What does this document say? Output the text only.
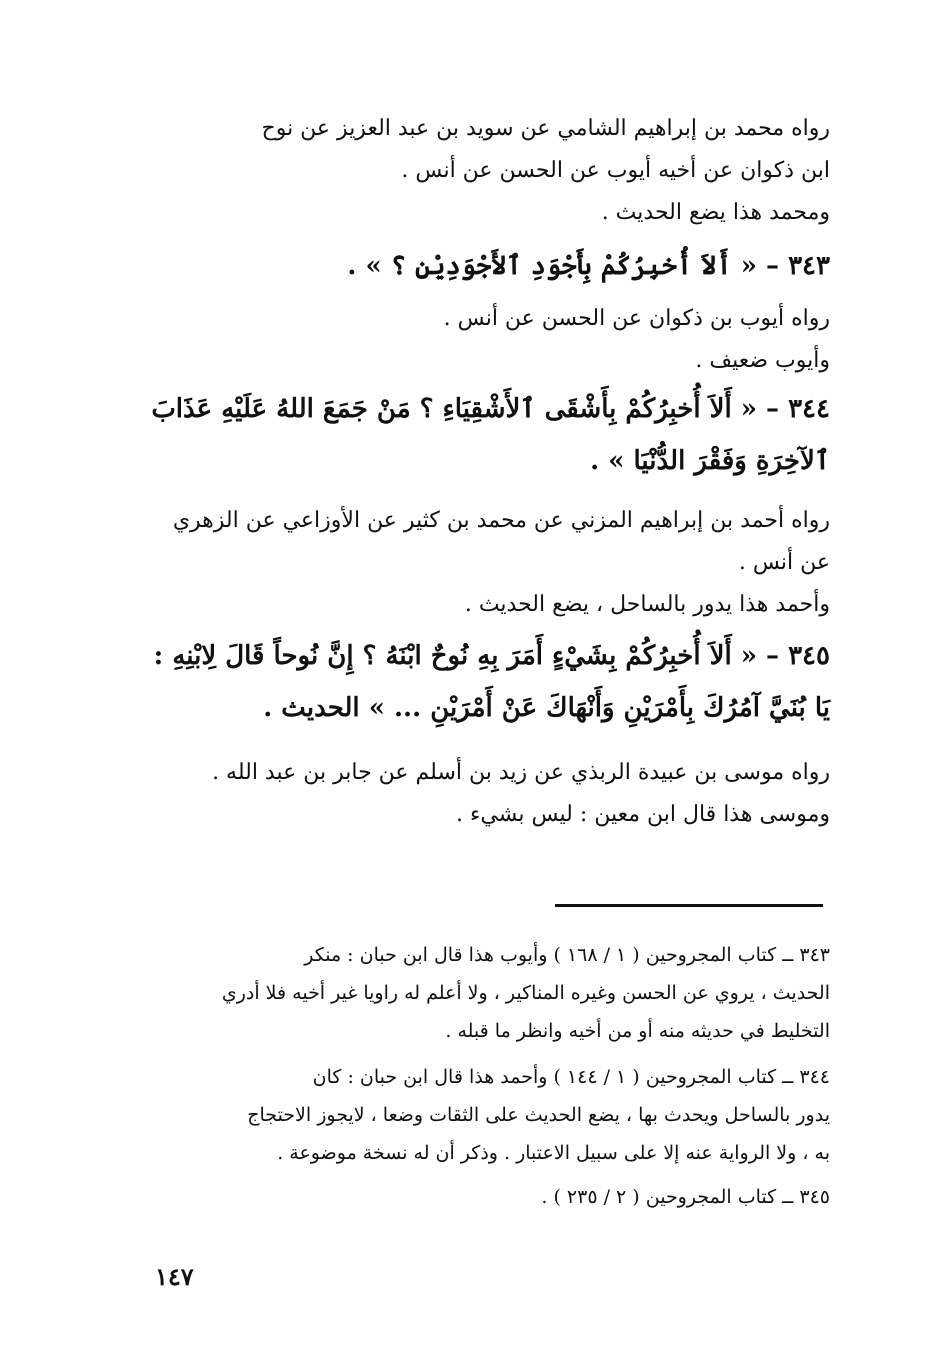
رواه محمد بن إبراهيم الشامي عن سويد بن عبد العزيز عن نوح
ابن ذكوان عن أخيه أيوب عن الحسن عن أنس .
ومحمد هذا يضع الحديث .
٣٤٣ – « أَلاَ أُخبِرُكُمْ بِأَجْوَدِ ٱلأَجْوَدِيْنِ ؟ » .
رواه أيوب بن ذكوان عن الحسن عن أنس .
وأيوب ضعيف .
٣٤٤ – « أَلاَ أُخبِرُكُمْ بِأَشْقَى ٱلأَشْقِيَاءِ ؟ مَنْ جَمَعَ اللهُ عَلَيْهِ عَذَابَ
ٱلآخِرَةِ وَفَقْرَ الدُّنْيَا » .
رواه أحمد بن إبراهيم المزني عن محمد بن كثير عن الأوزاعي عن الزهري
عن أنس .
وأحمد هذا يدور بالساحل ، يضع الحديث .
٣٤٥ – « أَلاَ أُخبِرُكُمْ بِشَيْءٍ أَمَرَ بِهِ نُوحٌ ابْنَهُ ؟ إِنَّ نُوحاً قَالَ لِابْنِهِ :
يَا بُنَيَّ آمُرُكَ بِأَمْرَيْنِ وَأَنْهَاكَ عَنْ أَمْرَيْنِ ... » الحديث .
رواه موسى بن عبيدة الربذي عن زيد بن أسلم عن جابر بن عبد الله .
وموسى هذا قال ابن معين : ليس بشيء .
٣٤٣ ــ كتاب المجروحين ( ١ / ١٦٨ ) وأيوب هذا قال ابن حبان : منكر
الحديث ، يروي عن الحسن وغيره المناكير ، ولا أعلم له راويا غير أخيه فلا أدري
التخليط في حديثه منه أو من أخيه وانظر ما قبله .
٣٤٤ ــ كتاب المجروحين ( ١ / ١٤٤ ) وأحمد هذا قال ابن حبان : كان
يدور بالساحل ويحدث بها ، يضع الحديث على الثقات وضعا ، لايجوز الاحتجاج
به ، ولا الرواية عنه إلا على سبيل الاعتبار . وذكر أن له نسخة موضوعة .
٣٤٥ ــ كتاب المجروحين ( ٢ / ٢٣٥ ) .
١٤٧
